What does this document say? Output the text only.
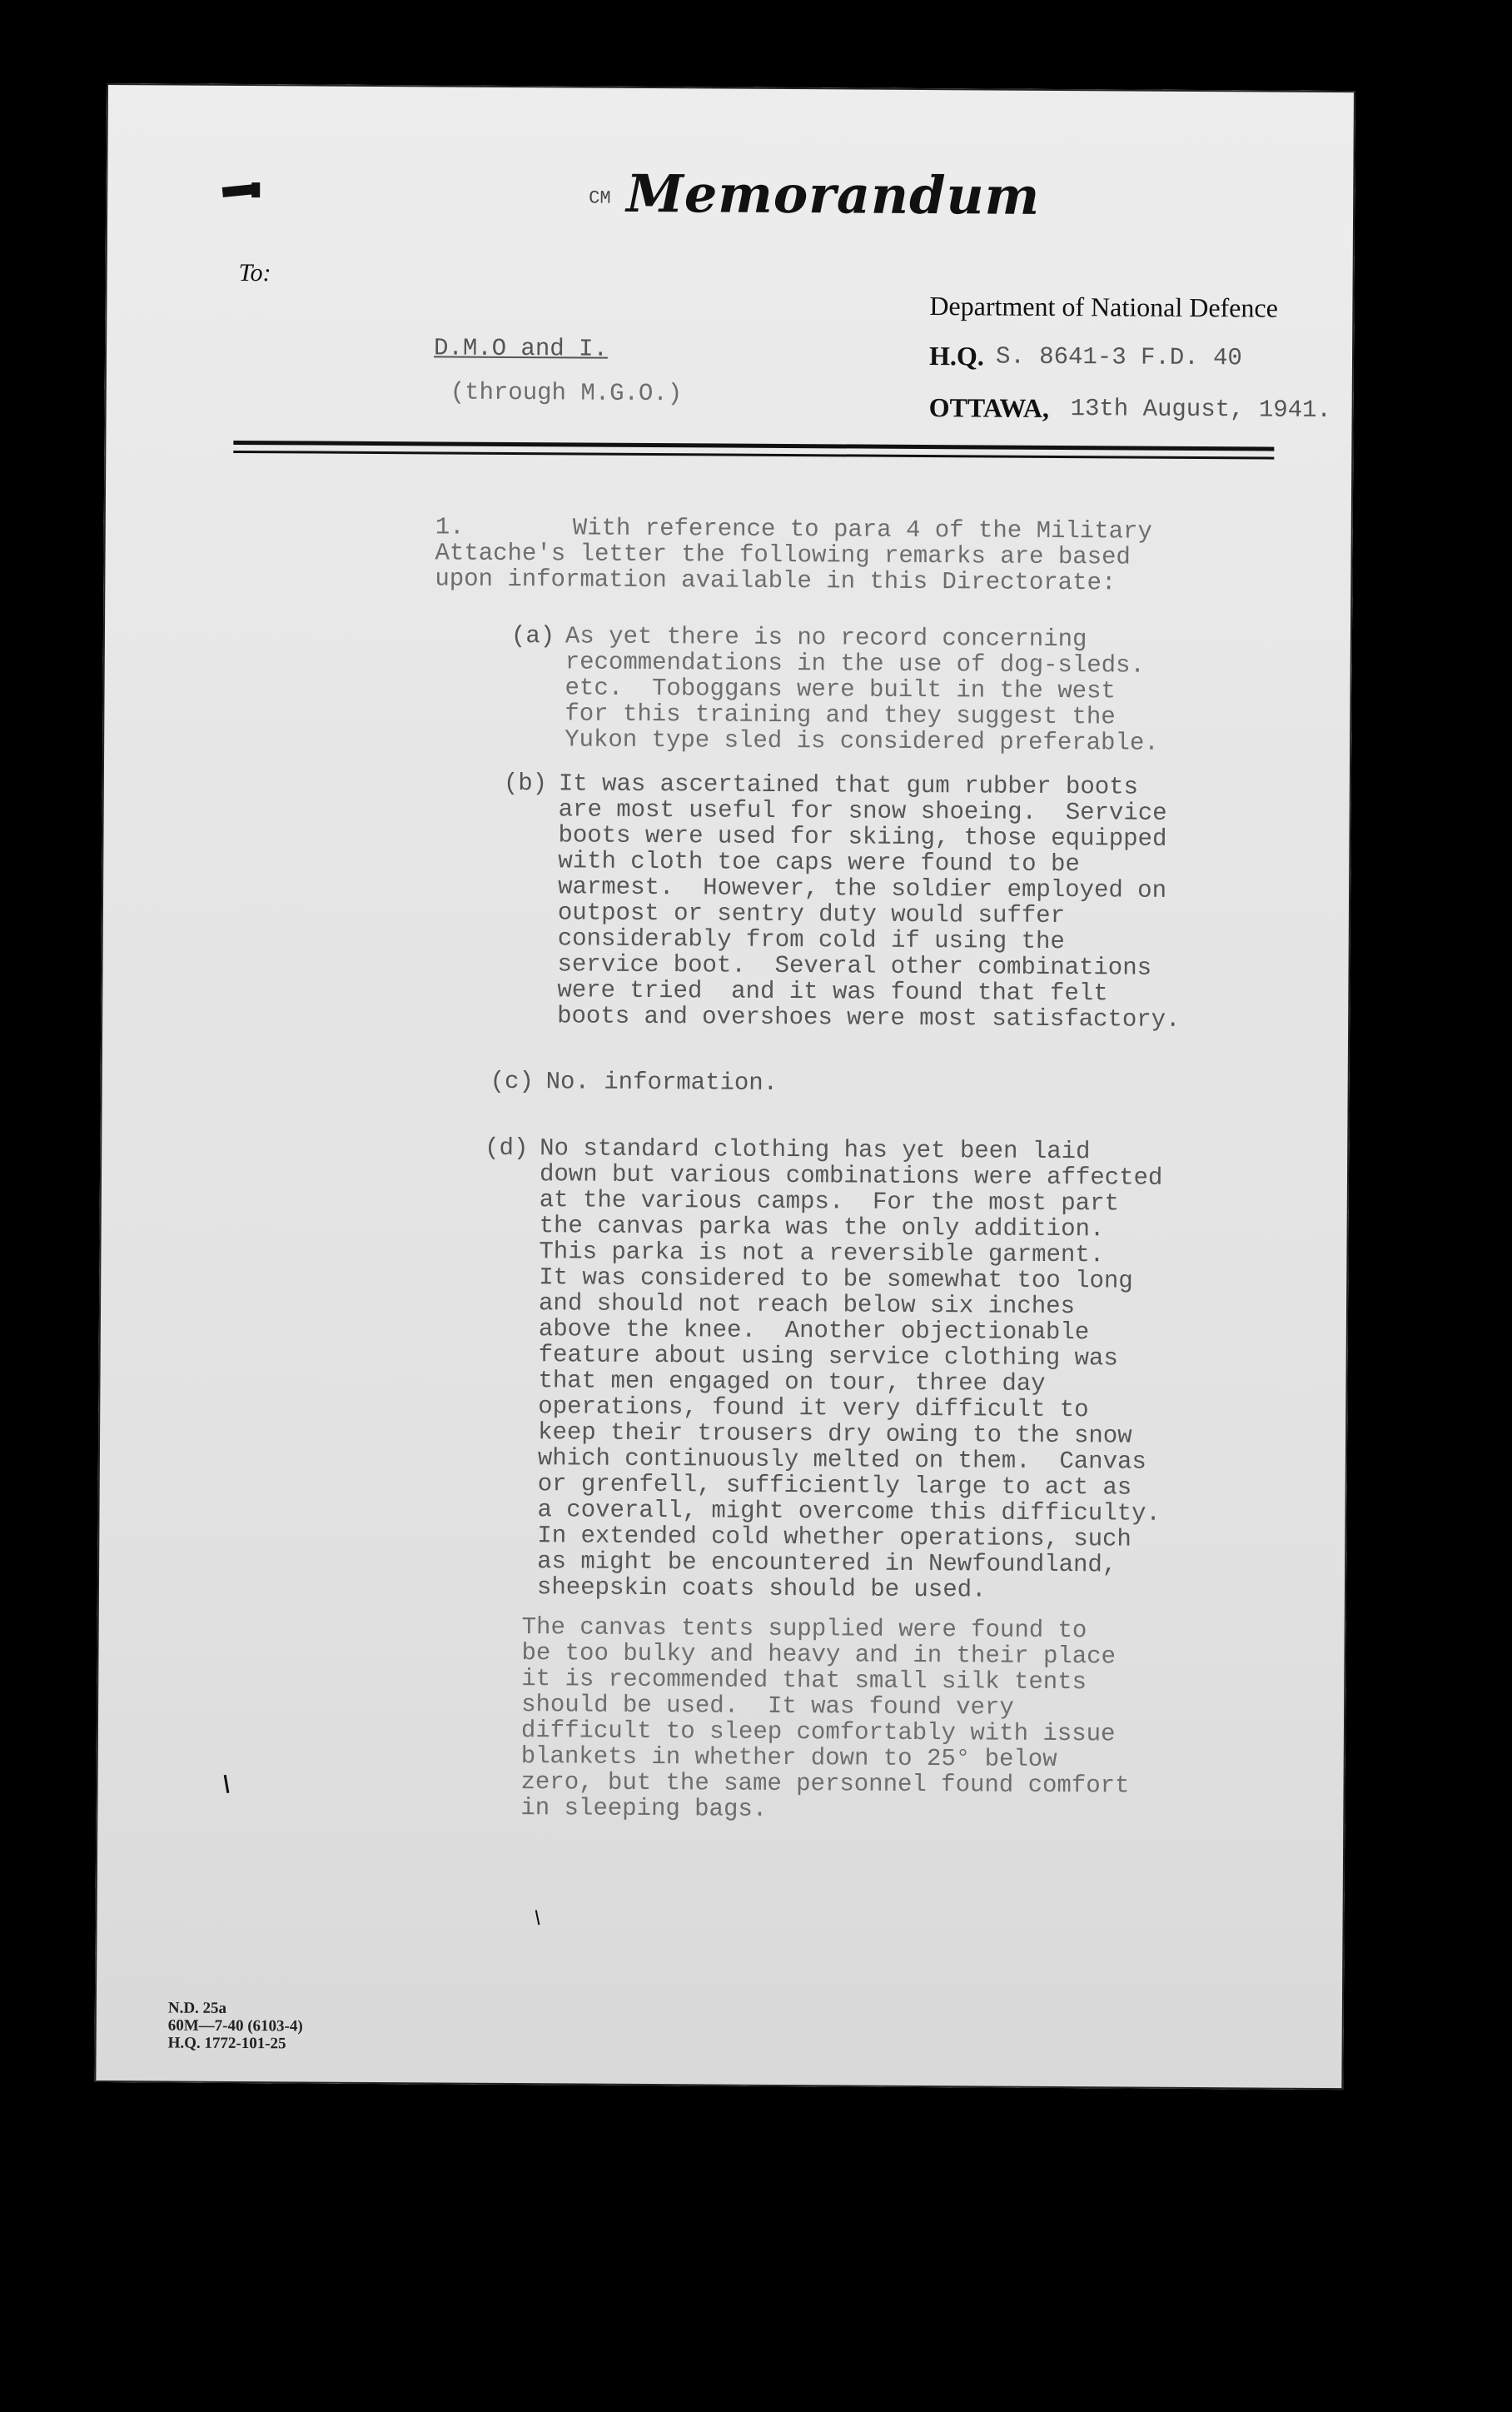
CM Memorandum
To:
Department of National Defence
H.Q. S. 8641-3 F.D. 40
OTTAWA, 13th August, 1941.
D.M.O and I.
(through M.G.O.)
1.	With reference to para 4 of the Military
Attache's letter the following remarks are based
upon information available in this Directorate:
(a) As yet there is no record concerning
recommendations in the use of dog-sleds.
etc.  Toboggans were built in the west
for this training and they suggest the
Yukon type sled is considered preferable.
(b) It was ascertained that gum rubber boots
are most useful for snow shoeing.  Service
boots were used for skiing, those equipped
with cloth toe caps were found to be
warmest.  However, the soldier employed on
outpost or sentry duty would suffer
considerably from cold if using the
service boot.  Several other combinations
were tried  and it was found that felt
boots and overshoes were most satisfactory.
(c) No. information.
(d) No standard clothing has yet been laid
down but various combinations were affected
at the various camps.  For the most part
the canvas parka was the only addition.
This parka is not a reversible garment.
It was considered to be somewhat too long
and should not reach below six inches
above the knee.  Another objectionable
feature about using service clothing was
that men engaged on tour, three day
operations, found it very difficult to
keep their trousers dry owing to the snow
which continuously melted on them.  Canvas
or grenfell, sufficiently large to act as
a coverall, might overcome this difficulty.
In extended cold whether operations, such
as might be encountered in Newfoundland,
sheepskin coats should be used.
The canvas tents supplied were found to
be too bulky and heavy and in their place
it is recommended that small silk tents
should be used.  It was found very
difficult to sleep comfortably with issue
blankets in whether down to 25° below
zero, but the same personnel found comfort
in sleeping bags.
N.D. 25a
60M—7-40 (6103-4)
H.Q. 1772-101-25
